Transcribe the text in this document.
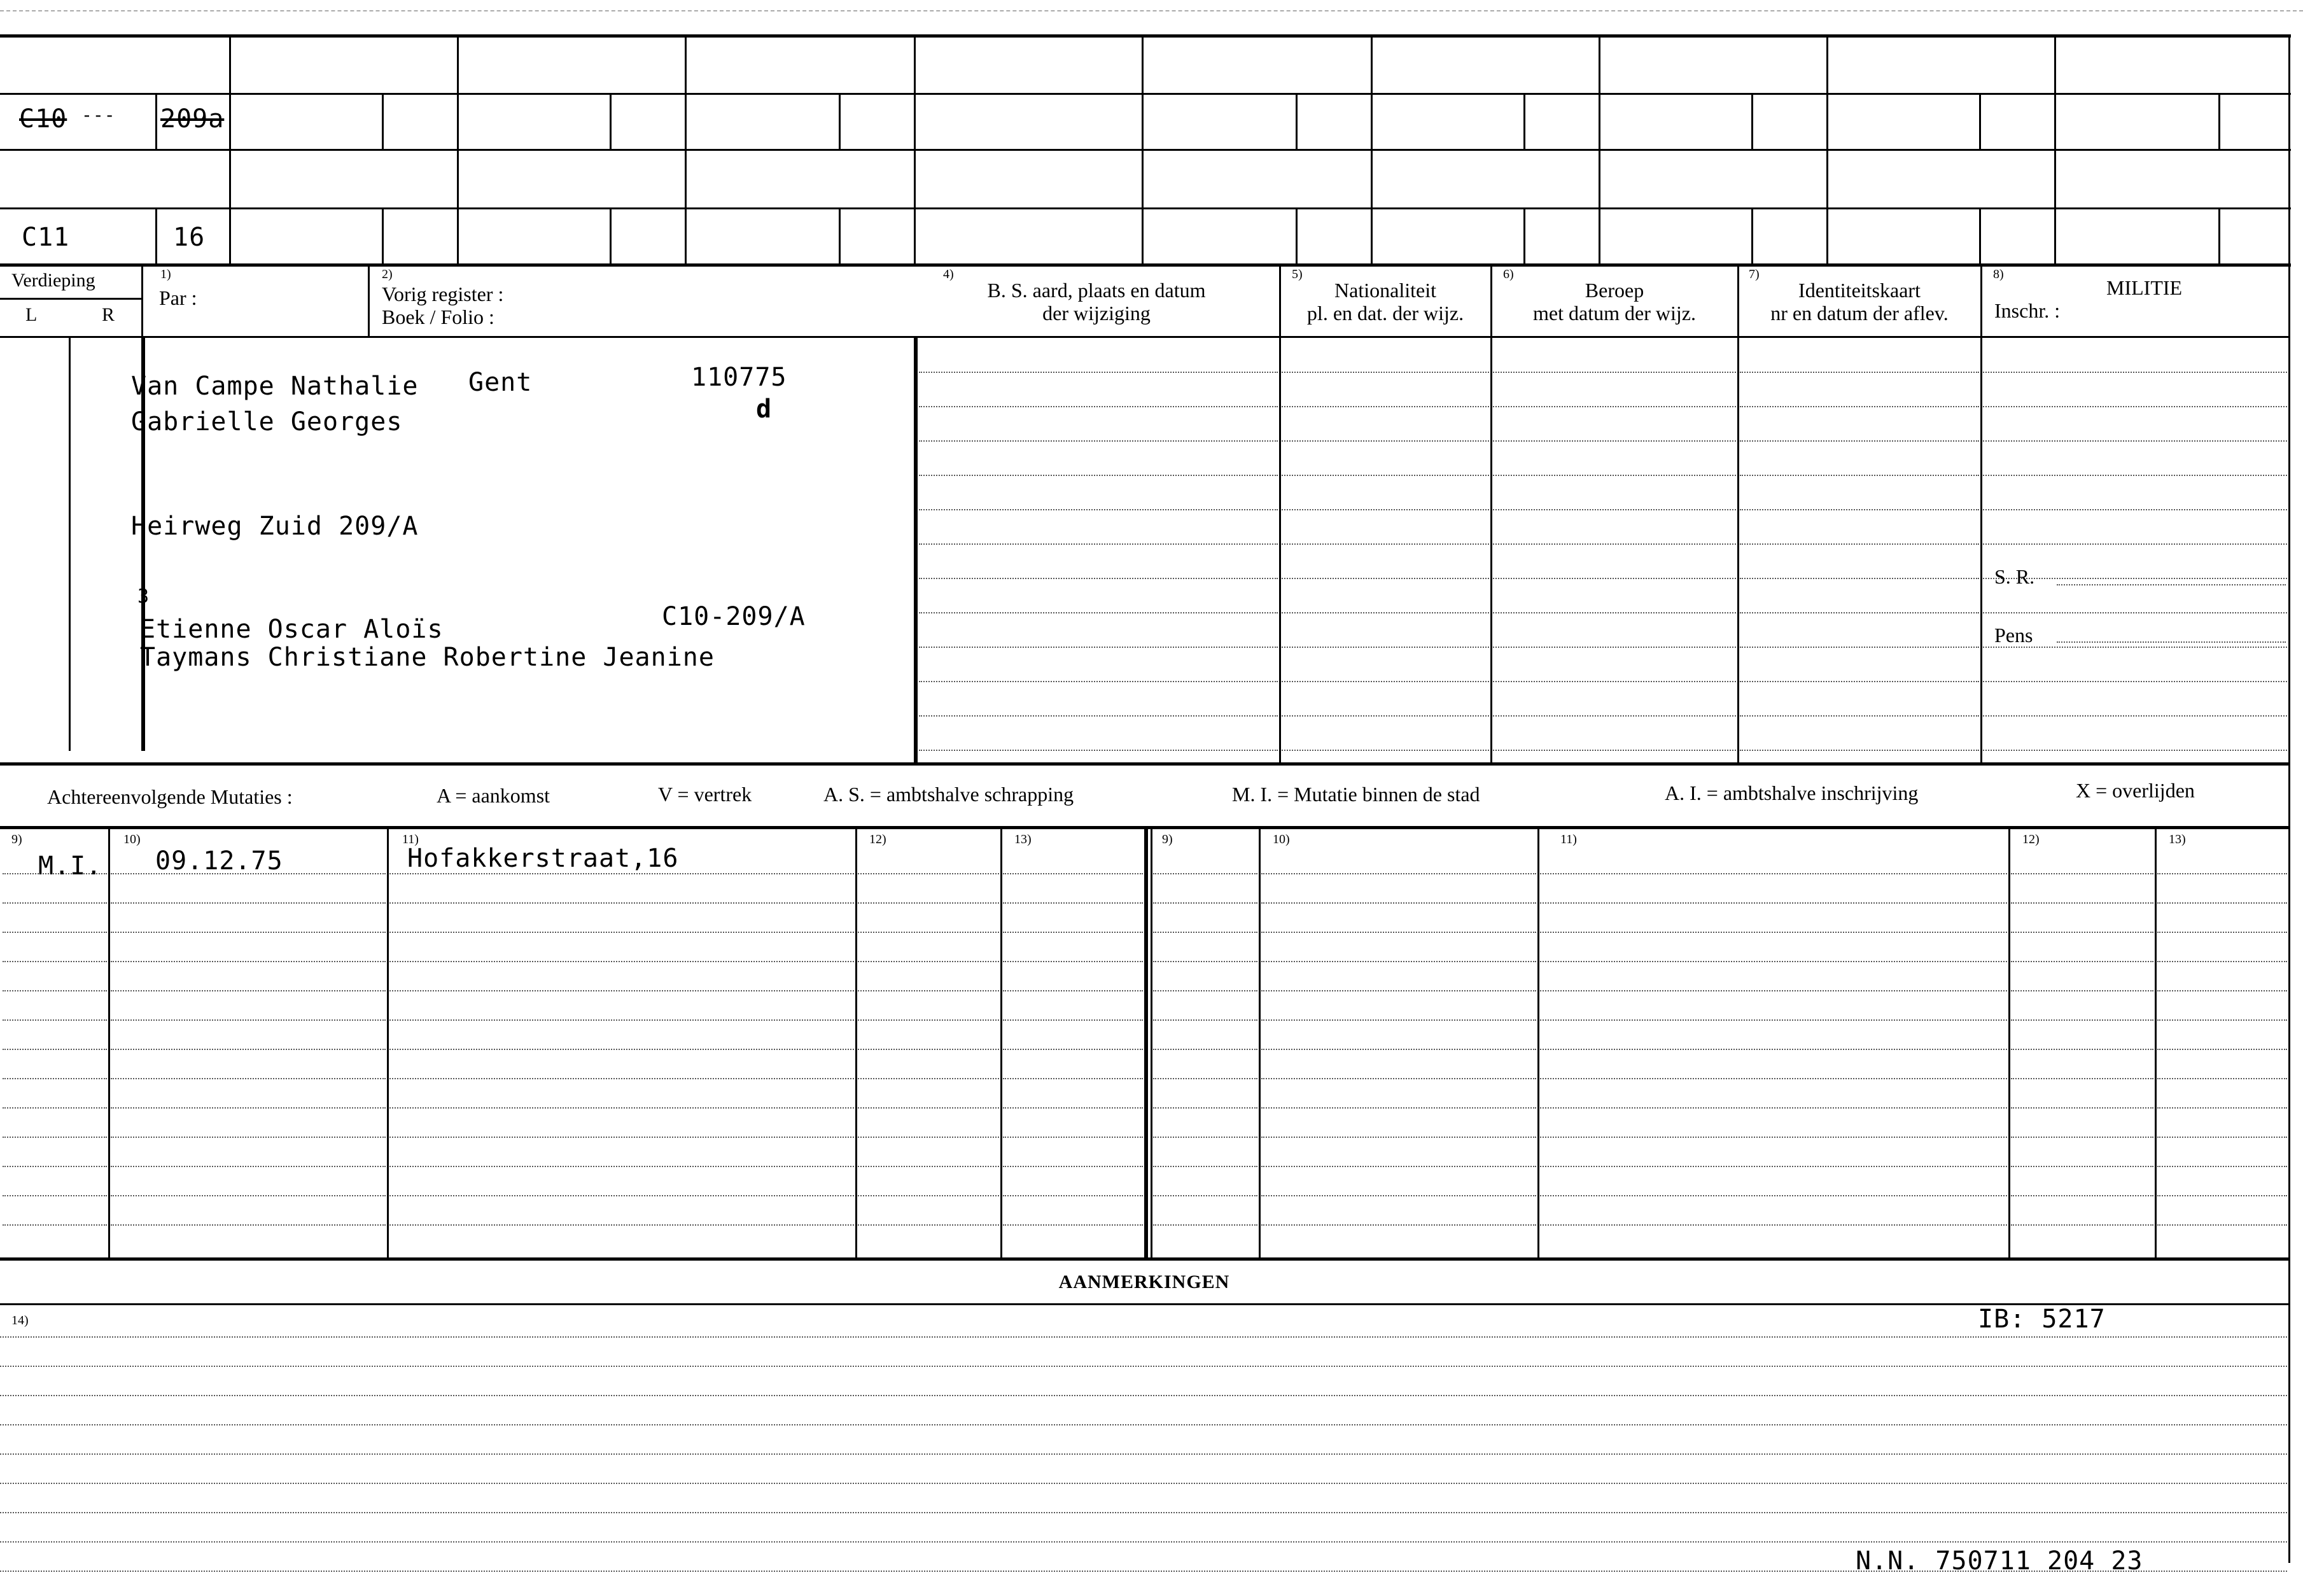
C10 --- 209a
C11	16
Verdieping
L	R
1)
Par :
2)
Vorig register :
Boek / Folio :
4)
B. S. aard, plaats en datum
der wijziging
5)
Nationaliteit
pl. en dat. der wijz.
6)
Beroep
met datum der wijz.
7)
Identiteitskaart
nr en datum der aflev.
8)
MILITIE
Inschr. :
Van Campe Nathalie Gent	110775
d
Gabrielle Georges
Heirweg Zuid 209/A
3
Etienne Oscar Aloïs	C10-209/A
Taymans Christiane Robertine Jeanine
S. R.
Pens
Achtereenvolgende Mutaties :	A = aankomst	V = vertrek	A. S. = ambtshalve schrapping	M. I. = Mutatie binnen de stad	A. I. = ambtshalve inschrijving	X = overlijden
9)	10)	11)	12)	13)	9)	10)	11)	12)	13)
M.I. 09.12.75	Hofakkerstraat,16
AANMERKINGEN
14)	IB: 5217
N.N. 750711 204 23
